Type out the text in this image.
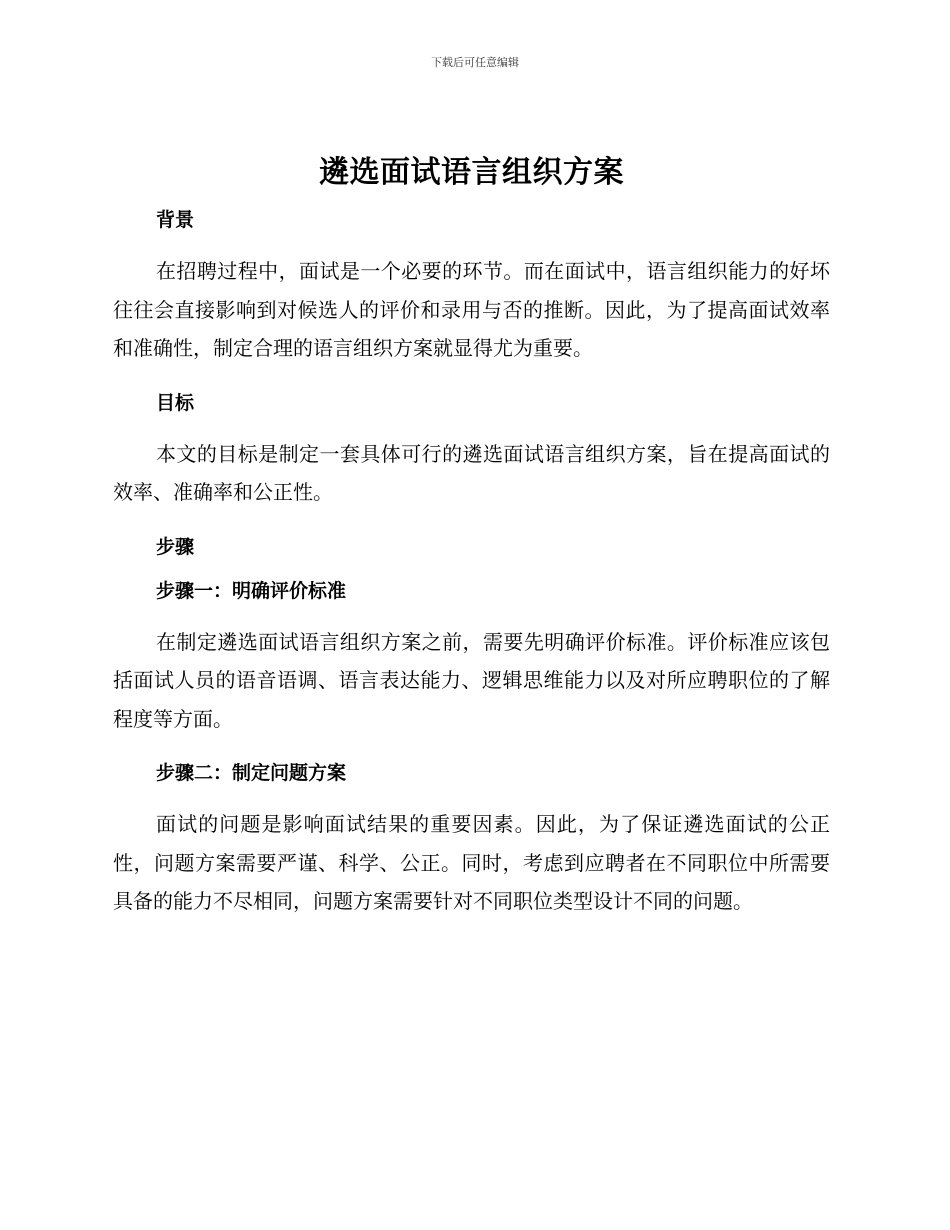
下载后可任意编辑
遴选面试语言组织方案
背景

在招聘过程中，面试是一个必要的环节。而在面试中，语言组织能力的好坏往往会直接影响到对候选人的评价和录用与否的推断。因此，为了提高面试效率和准确性，制定合理的语言组织方案就显得尤为重要。

目标

本文的目标是制定一套具体可行的遴选面试语言组织方案，旨在提高面试的效率、准确率和公正性。

步骤
步骤一：明确评价标准

在制定遴选面试语言组织方案之前，需要先明确评价标准。评价标准应该包括面试人员的语音语调、语言表达能力、逻辑思维能力以及对所应聘职位的了解程度等方面。

步骤二：制定问题方案

面试的问题是影响面试结果的重要因素。因此，为了保证遴选面试的公正性，问题方案需要严谨、科学、公正。同时，考虑到应聘者在不同职位中所需要具备的能力不尽相同，问题方案需要针对不同职位类型设计不同的问题。
